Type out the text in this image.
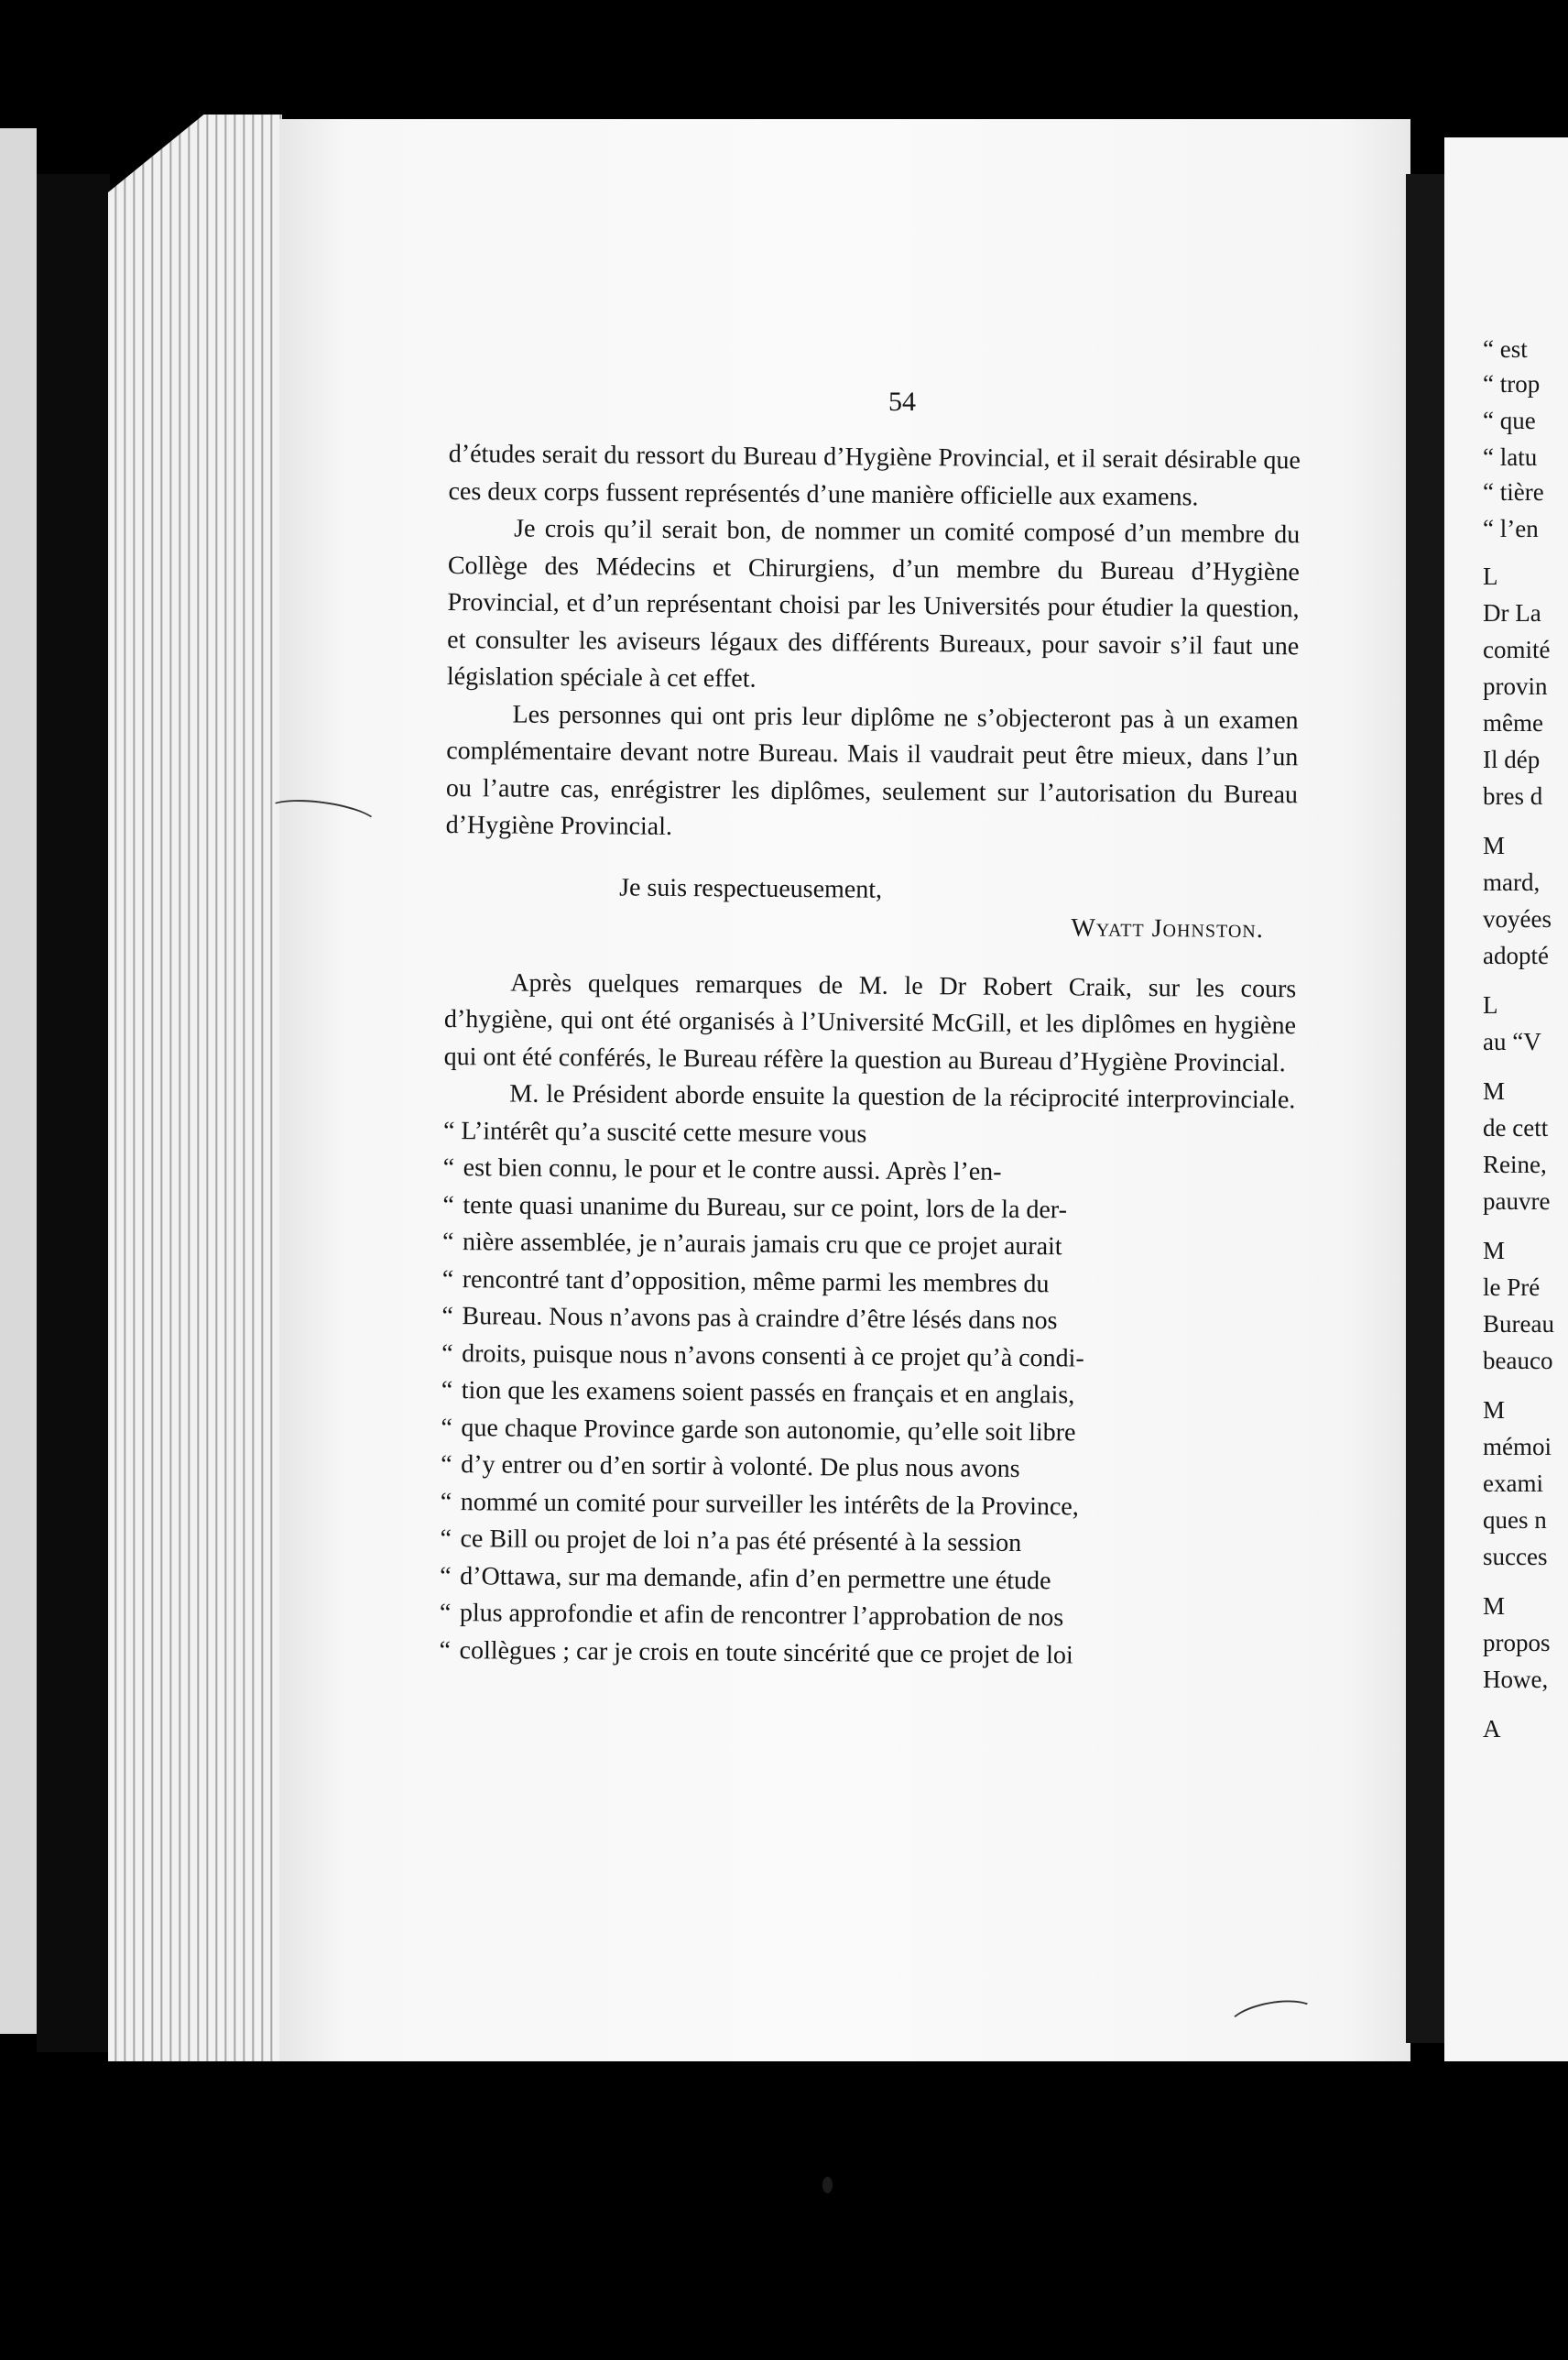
“ est
“ trop
“ que
“ latu
“ tière
“ l’en
L
Dr La
comité
provin
même
Il dép
bres d
M
mard,
voyées
adopté
L
au “V
M
de cett
Reine,
pauvre
M
le Pré
Bureau
beauco
M
mémoi
exami
ques n
succes
M
propos
Howe,
A
54

d’études serait du ressort du Bureau d’Hygiène Provincial, et il serait désirable que ces deux corps fussent représentés d’une manière officielle aux examens.

Je crois qu’il serait bon, de nommer un comité composé d’un membre du Collège des Médecins et Chirurgiens, d’un membre du Bureau d’Hygiène Provincial, et d’un représentant choisi par les Universités pour étudier la question, et consulter les aviseurs légaux des différents Bureaux, pour savoir s’il faut une législation spéciale à cet effet.

Les personnes qui ont pris leur diplôme ne s’objecteront pas à un examen complémentaire devant notre Bureau. Mais il vaudrait peut être mieux, dans l’un ou l’autre cas, enrégistrer les diplômes, seulement sur l’autorisation du Bureau d’Hygiène Provincial.

Je suis respectueusement,

Wyatt Johnston.

Après quelques remarques de M. le Dr Robert Craik, sur les cours d’hygiène, qui ont été organisés à l’Université McGill, et les diplômes en hygiène qui ont été conférés, le Bureau réfère la question au Bureau d’Hygiène Provincial.

M. le Président aborde ensuite la question de la réciprocité interprovinciale. “ L’intérêt qu’a suscité cette mesure vous

“ est bien connu, le pour et le contre aussi. Après l’en-

“ tente quasi unanime du Bureau, sur ce point, lors de la der-

“ nière assemblée, je n’aurais jamais cru que ce projet aurait

“ rencontré tant d’opposition, même parmi les membres du

“ Bureau. Nous n’avons pas à craindre d’être lésés dans nos

“ droits, puisque nous n’avons consenti à ce projet qu’à condi-

“ tion que les examens soient passés en français et en anglais,

“ que chaque Province garde son autonomie, qu’elle soit libre

“ d’y entrer ou d’en sortir à volonté. De plus nous avons

“ nommé un comité pour surveiller les intérêts de la Province,

“ ce Bill ou projet de loi n’a pas été présenté à la session

“ d’Ottawa, sur ma demande, afin d’en permettre une étude

“ plus approfondie et afin de rencontrer l’approbation de nos

“ collègues ; car je crois en toute sincérité que ce projet de loi
